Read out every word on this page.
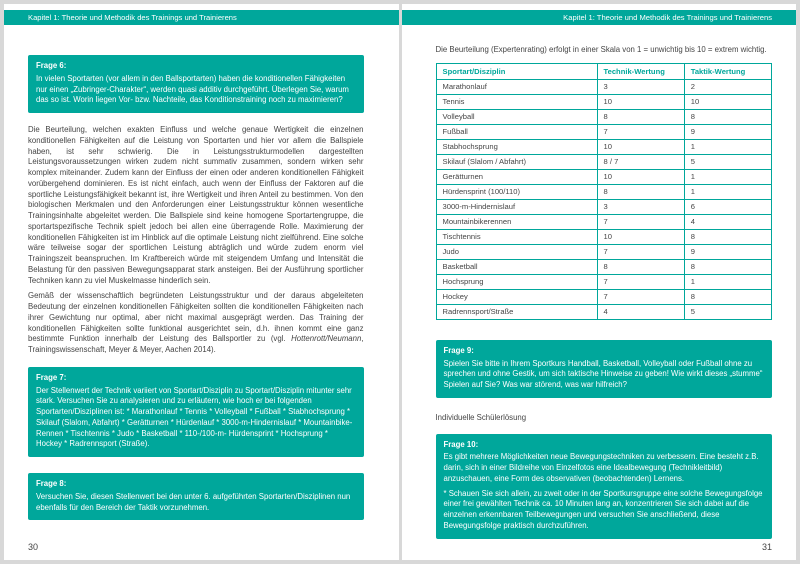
Kapitel 1: Theorie und Methodik des Trainings und Trainierens
Frage 6:
In vielen Sportarten (vor allem in den Ballsportarten) haben die konditionellen Fähigkeiten nur einen „Zubringer-Charakter“, werden quasi additiv durchgeführt. Überlegen Sie, warum das so ist. Worin liegen Vor- bzw. Nachteile, das Konditionstraining noch zu maximieren?

Die Beurteilung, welchen exakten Einfluss und welche genaue Wertigkeit die einzelnen konditionellen Fähigkeiten auf die Leistung von Sportarten und hier vor allem die Ballspiele haben, ist sehr schwierig. Die in Leistungsstrukturmodellen dargestellten Leistungsvoraussetzungen wirken zudem nicht summativ zusammen, sondern wirken sehr komplex miteinander. Zudem kann der Einfluss der einen oder anderen konditionellen Fähigkeit vorübergehend dominieren. Es ist nicht einfach, auch wenn der Einfluss der Faktoren auf die sportliche Leistungsfähigkeit bekannt ist, ihre Wertigkeit und ihren Anteil zu bestimmen. Von den biologischen Merkmalen und den Anforderungen einer Leistungsstruktur können wesentliche Trainingsinhalte abgeleitet werden. Die Ballspiele sind keine homogene Sportartengruppe, die sportartspezifische Technik spielt jedoch bei allen eine überragende Rolle. Maximierung der konditionellen Fähigkeiten ist im Hinblick auf die optimale Leistung nicht zielführend. Eine solche wäre teilweise sogar der sportlichen Leistung abträglich und würde zudem enorm viel Trainingszeit beanspruchen. Im Kraftbereich würde mit steigendem Umfang und Intensität die Belastung für den passiven Bewegungsapparat stark ansteigen. Bei der Ausführung sportlicher Techniken kann zu viel Muskelmasse hinderlich sein.

Gemäß der wissenschaftlich begründeten Leistungsstruktur und der daraus abgeleiteten Bedeutung der einzelnen konditionellen Fähigkeiten sollten die konditionellen Fähigkeiten nach ihrer Gewichtung nur optimal, aber nicht maximal ausgeprägt werden. Das Training der konditionellen Fähigkeiten sollte funktional ausgerichtet sein, d.h. ihnen kommt eine ganz bestimmte Funktion innerhalb der Leistung des Ballsportler zu (vgl. Hottenrott/Neumann, Trainingswissenschaft, Meyer & Meyer, Aachen 2014).

Frage 7:
Der Stellenwert der Technik variiert von Sportart/Disziplin zu Sportart/Disziplin mitunter sehr stark. Versuchen Sie zu analysieren und zu erläutern, wie hoch er bei folgenden Sportarten/Disziplinen ist: * Marathonlauf * Tennis * Volleyball * Fußball * Stabhochsprung * Skilauf (Slalom, Abfahrt) * Gerätturnen * Hürdenlauf * 3000-m-Hindernislauf * Mountainbike-Rennen * Tischtennis * Judo * Basketball * 110-/100-m- Hürdensprint * Hochsprung * Hockey * Radrennsport (Straße).
Frage 8:
Versuchen Sie, diesen Stellenwert bei den unter 6. aufgeführten Sportarten/Disziplinen nun ebenfalls für den Bereich der Taktik vorzunehmen.
30
Kapitel 1: Theorie und Methodik des Trainings und Trainierens

Die Beurteilung (Expertenrating) erfolgt in einer Skala von 1 = unwichtig bis 10 = extrem wichtig.

Sportart/Disziplin	Technik-Wertung	Taktik-Wertung
Marathonlauf	3	2
Tennis	10	10
Volleyball	8	8
Fußball	7	9
Stabhochsprung	10	1
Skilauf (Slalom / Abfahrt)	8 / 7	5
Gerätturnen	10	1
Hürdensprint (100/110)	8	1
3000-m-Hindernislauf	3	6
Mountainbikerennen	7	4
Tischtennis	10	8
Judo	7	9
Basketball	8	8
Hochsprung	7	1
Hockey	7	8
Radrennsport/Straße	4	5
Frage 9:
Spielen Sie bitte in Ihrem Sportkurs Handball, Basketball, Volleyball oder Fußball ohne zu sprechen und ohne Gestik, um sich taktische Hinweise zu geben! Wie wirkt dieses „stumme“ Spielen auf Sie? Was war störend, was war hilfreich?

Individuelle Schülerlösung

Frage 10:
Es gibt mehrere Möglichkeiten neue Bewegungstechniken zu verbessern. Eine besteht z.B. darin, sich in einer Bildreihe von Einzelfotos eine Idealbewegung (Technikleitbild) anzuschauen, eine Form des observativen (beobachtenden) Lernens.
* Schauen Sie sich allein, zu zweit oder in der Sportkursgruppe eine solche Bewegungsfolge einer frei gewählten Technik ca. 10 Minuten lang an, konzentrieren Sie sich dabei auf die einzelnen erkennbaren Teilbewegungen und versuchen Sie anschließend, diese Bewegungsfolge praktisch durchzuführen.
31
